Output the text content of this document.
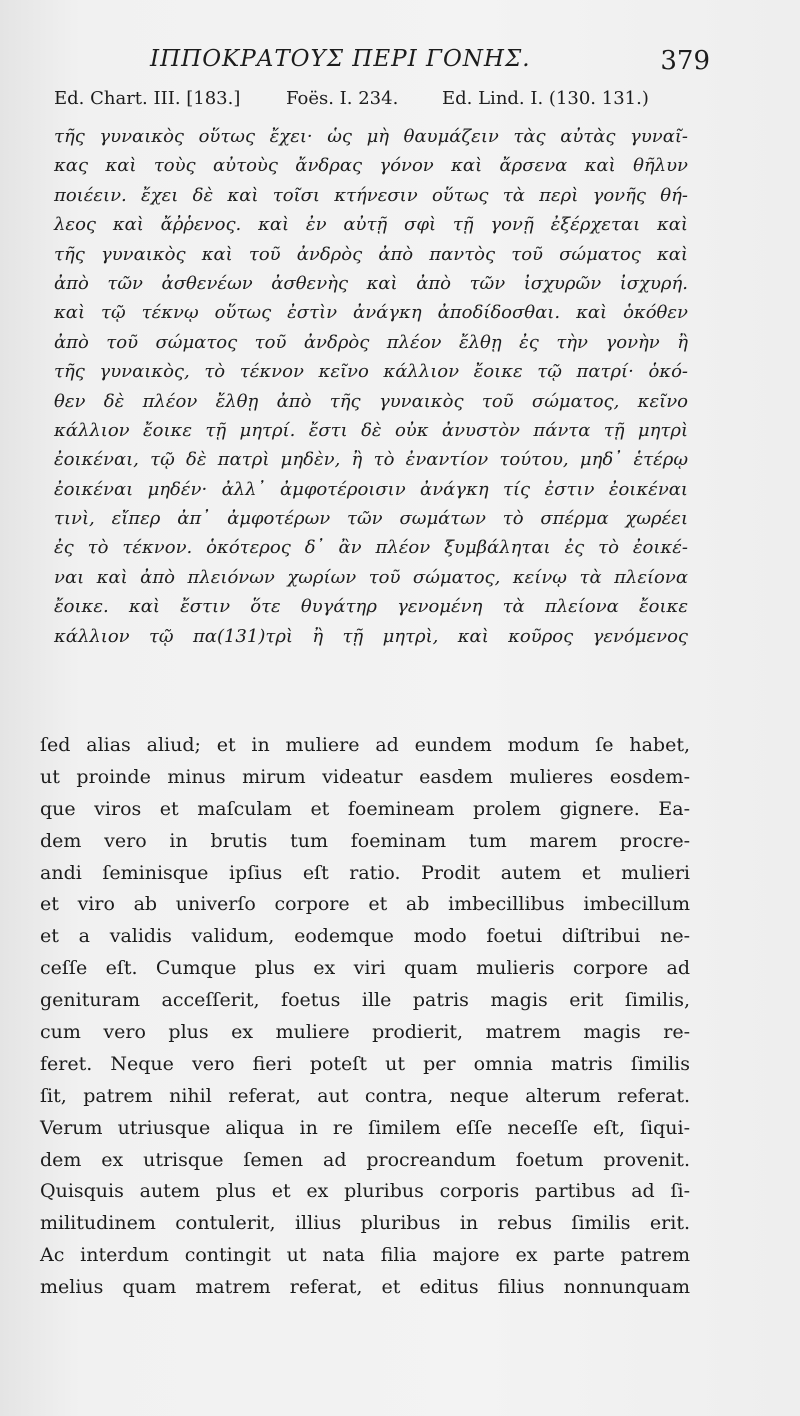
ΙΠΠΟΚΡΑΤΟΥΣ ΠΕΡΙ ΓΟΝΗΣ.	379
Ed. Chart. III. [183.]	Foës. I. 234. Ed. Lind. I. (130. 131.)
τῆς γυναικὸς οὕτως ἔχει· ὡς μὴ θαυμάζειν τὰς αὐτὰς γυναῖ-
κας καὶ τοὺς αὐτοὺς ἄνδρας γόνον καὶ ἄρσενα καὶ θῆλυν
ποιέειν. ἔχει δὲ καὶ τοῖσι κτήνεσιν οὕτως τὰ περὶ γονῆς θή-
λεος καὶ ἄῤῥενος. καὶ ἐν αὐτῇ σφὶ τῇ γονῇ ἐξέρχεται καὶ
τῆς γυναικὸς καὶ τοῦ ἀνδρὸς ἀπὸ παντὸς τοῦ σώματος καὶ
ἀπὸ τῶν ἀσθενέων ἀσθενὴς καὶ ἀπὸ τῶν ἰσχυρῶν ἰσχυρή.
καὶ τῷ τέκνῳ οὕτως ἐστὶν ἀνάγκη ἀποδίδοσθαι. καὶ ὁκόθεν
ἀπὸ τοῦ σώματος τοῦ ἀνδρὸς πλέον ἔλθῃ ἐς τὴν γονὴν ἢ
τῆς γυναικὸς, τὸ τέκνον κεῖνο κάλλιον ἔοικε τῷ πατρί· ὁκό-
θεν δὲ πλέον ἔλθῃ ἀπὸ τῆς γυναικὸς τοῦ σώματος, κεῖνο
κάλλιον ἔοικε τῇ μητρί. ἔστι δὲ οὐκ ἀνυστὸν πάντα τῇ μητρὶ
ἐοικέναι, τῷ δὲ πατρὶ μηδὲν, ἢ τὸ ἐναντίον τούτου, μηδ᾽ ἑτέρῳ
ἐοικέναι μηδέν· ἀλλ᾽ ἀμφοτέροισιν ἀνάγκη τίς ἐστιν ἐοικέναι
τινὶ, εἴπερ ἀπ᾽ ἀμφοτέρων τῶν σωμάτων τὸ σπέρμα χωρέει
ἐς τὸ τέκνον. ὁκότερος δ᾽ ἂν πλέον ξυμβάληται ἐς τὸ ἐοικέ-
ναι καὶ ἀπὸ πλειόνων χωρίων τοῦ σώματος, κείνῳ τὰ πλείονα
ἔοικε. καὶ ἔστιν ὅτε θυγάτηρ γενομένη τὰ πλείονα ἔοικε
κάλλιον τῷ πα(131)τρὶ ἢ τῇ μητρὶ, καὶ κοῦρος γενόμενος
ſed alias aliud; et in muliere ad eundem modum ſe habet,
ut proinde minus mirum videatur easdem mulieres eosdem-
que viros et maſculam et foemineam prolem gignere. Ea-
dem vero in brutis tum foeminam tum marem procre-
andi ſeminisque ipſius eſt ratio. Prodit autem et mulieri
et viro ab univerſo corpore et ab imbecillibus imbecillum
et a validis validum, eodemque modo foetui diſtribui ne-
ceſſe eſt. Cumque plus ex viri quam mulieris corpore ad
genituram acceſſerit, foetus ille patris magis erit ſimilis,
cum vero plus ex muliere prodierit, matrem magis re-
feret. Neque vero fieri poteſt ut per omnia matris ſimilis
ſit, patrem nihil referat, aut contra, neque alterum referat.
Verum utriusque aliqua in re ſimilem eſſe neceſſe eſt, ſiqui-
dem ex utrisque ſemen ad procreandum foetum provenit.
Quisquis autem plus et ex pluribus corporis partibus ad ſi-
militudinem contulerit, illius pluribus in rebus ſimilis erit.
Ac interdum contingit ut nata filia majore ex parte patrem
melius quam matrem referat, et editus filius nonnunquam
